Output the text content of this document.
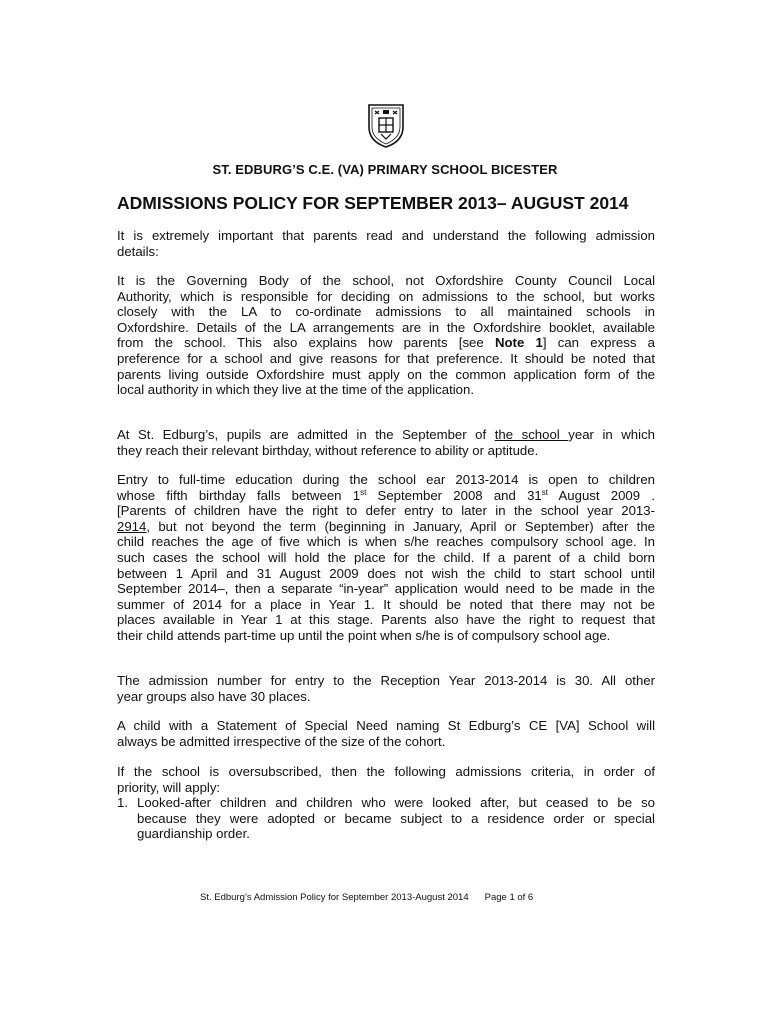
ST. EDBURG’S C.E. (VA) PRIMARY SCHOOL BICESTER
ADMISSIONS POLICY FOR SEPTEMBER 2013– AUGUST 2014
It is extremely important that parents read and understand the following admission
details:
It is the Governing Body of the school, not Oxfordshire County Council Local
Authority, which is responsible for deciding on admissions to the school, but works
closely with the LA to co-ordinate admissions to all maintained schools in
Oxfordshire. Details of the LA arrangements are in the Oxfordshire booklet, available
from the school. This also explains how parents [see Note 1] can express a
preference for a school and give reasons for that preference. It should be noted that
parents living outside Oxfordshire must apply on the common application form of the
local authority in which they live at the time of the application.
At St. Edburg’s, pupils are admitted in the September of the school year in which
they reach their relevant birthday, without reference to ability or aptitude.
Entry to full-time education during the school ear 2013-2014 is open to children
whose fifth birthday falls between 1st September 2008 and 31st August 2009 .
[Parents of children have the right to defer entry to later in the school year 2013-
2914, but not beyond the term (beginning in January, April or September) after the
child reaches the age of five which is when s/he reaches compulsory school age. In
such cases the school will hold the place for the child. If a parent of a child born
between 1 April and 31 August 2009 does not wish the child to start school until
September 2014–, then a separate “in-year” application would need to be made in the
summer of 2014 for a place in Year 1. It should be noted that there may not be
places available in Year 1 at this stage. Parents also have the right to request that
their child attends part-time up until the point when s/he is of compulsory school age.
The admission number for entry to the Reception Year 2013-2014 is 30. All other
year groups also have 30 places.
A child with a Statement of Special Need naming St Edburg’s CE [VA] School will
always be admitted irrespective of the size of the cohort.
If the school is oversubscribed, then the following admissions criteria, in order of
priority, will apply:
1. Looked-after children and children who were looked after, but ceased to be so
because they were adopted or became subject to a residence order or special
guardianship order.
St. Edburg’s Admission Policy for September 2013-August 2014 Page 1 of 6
